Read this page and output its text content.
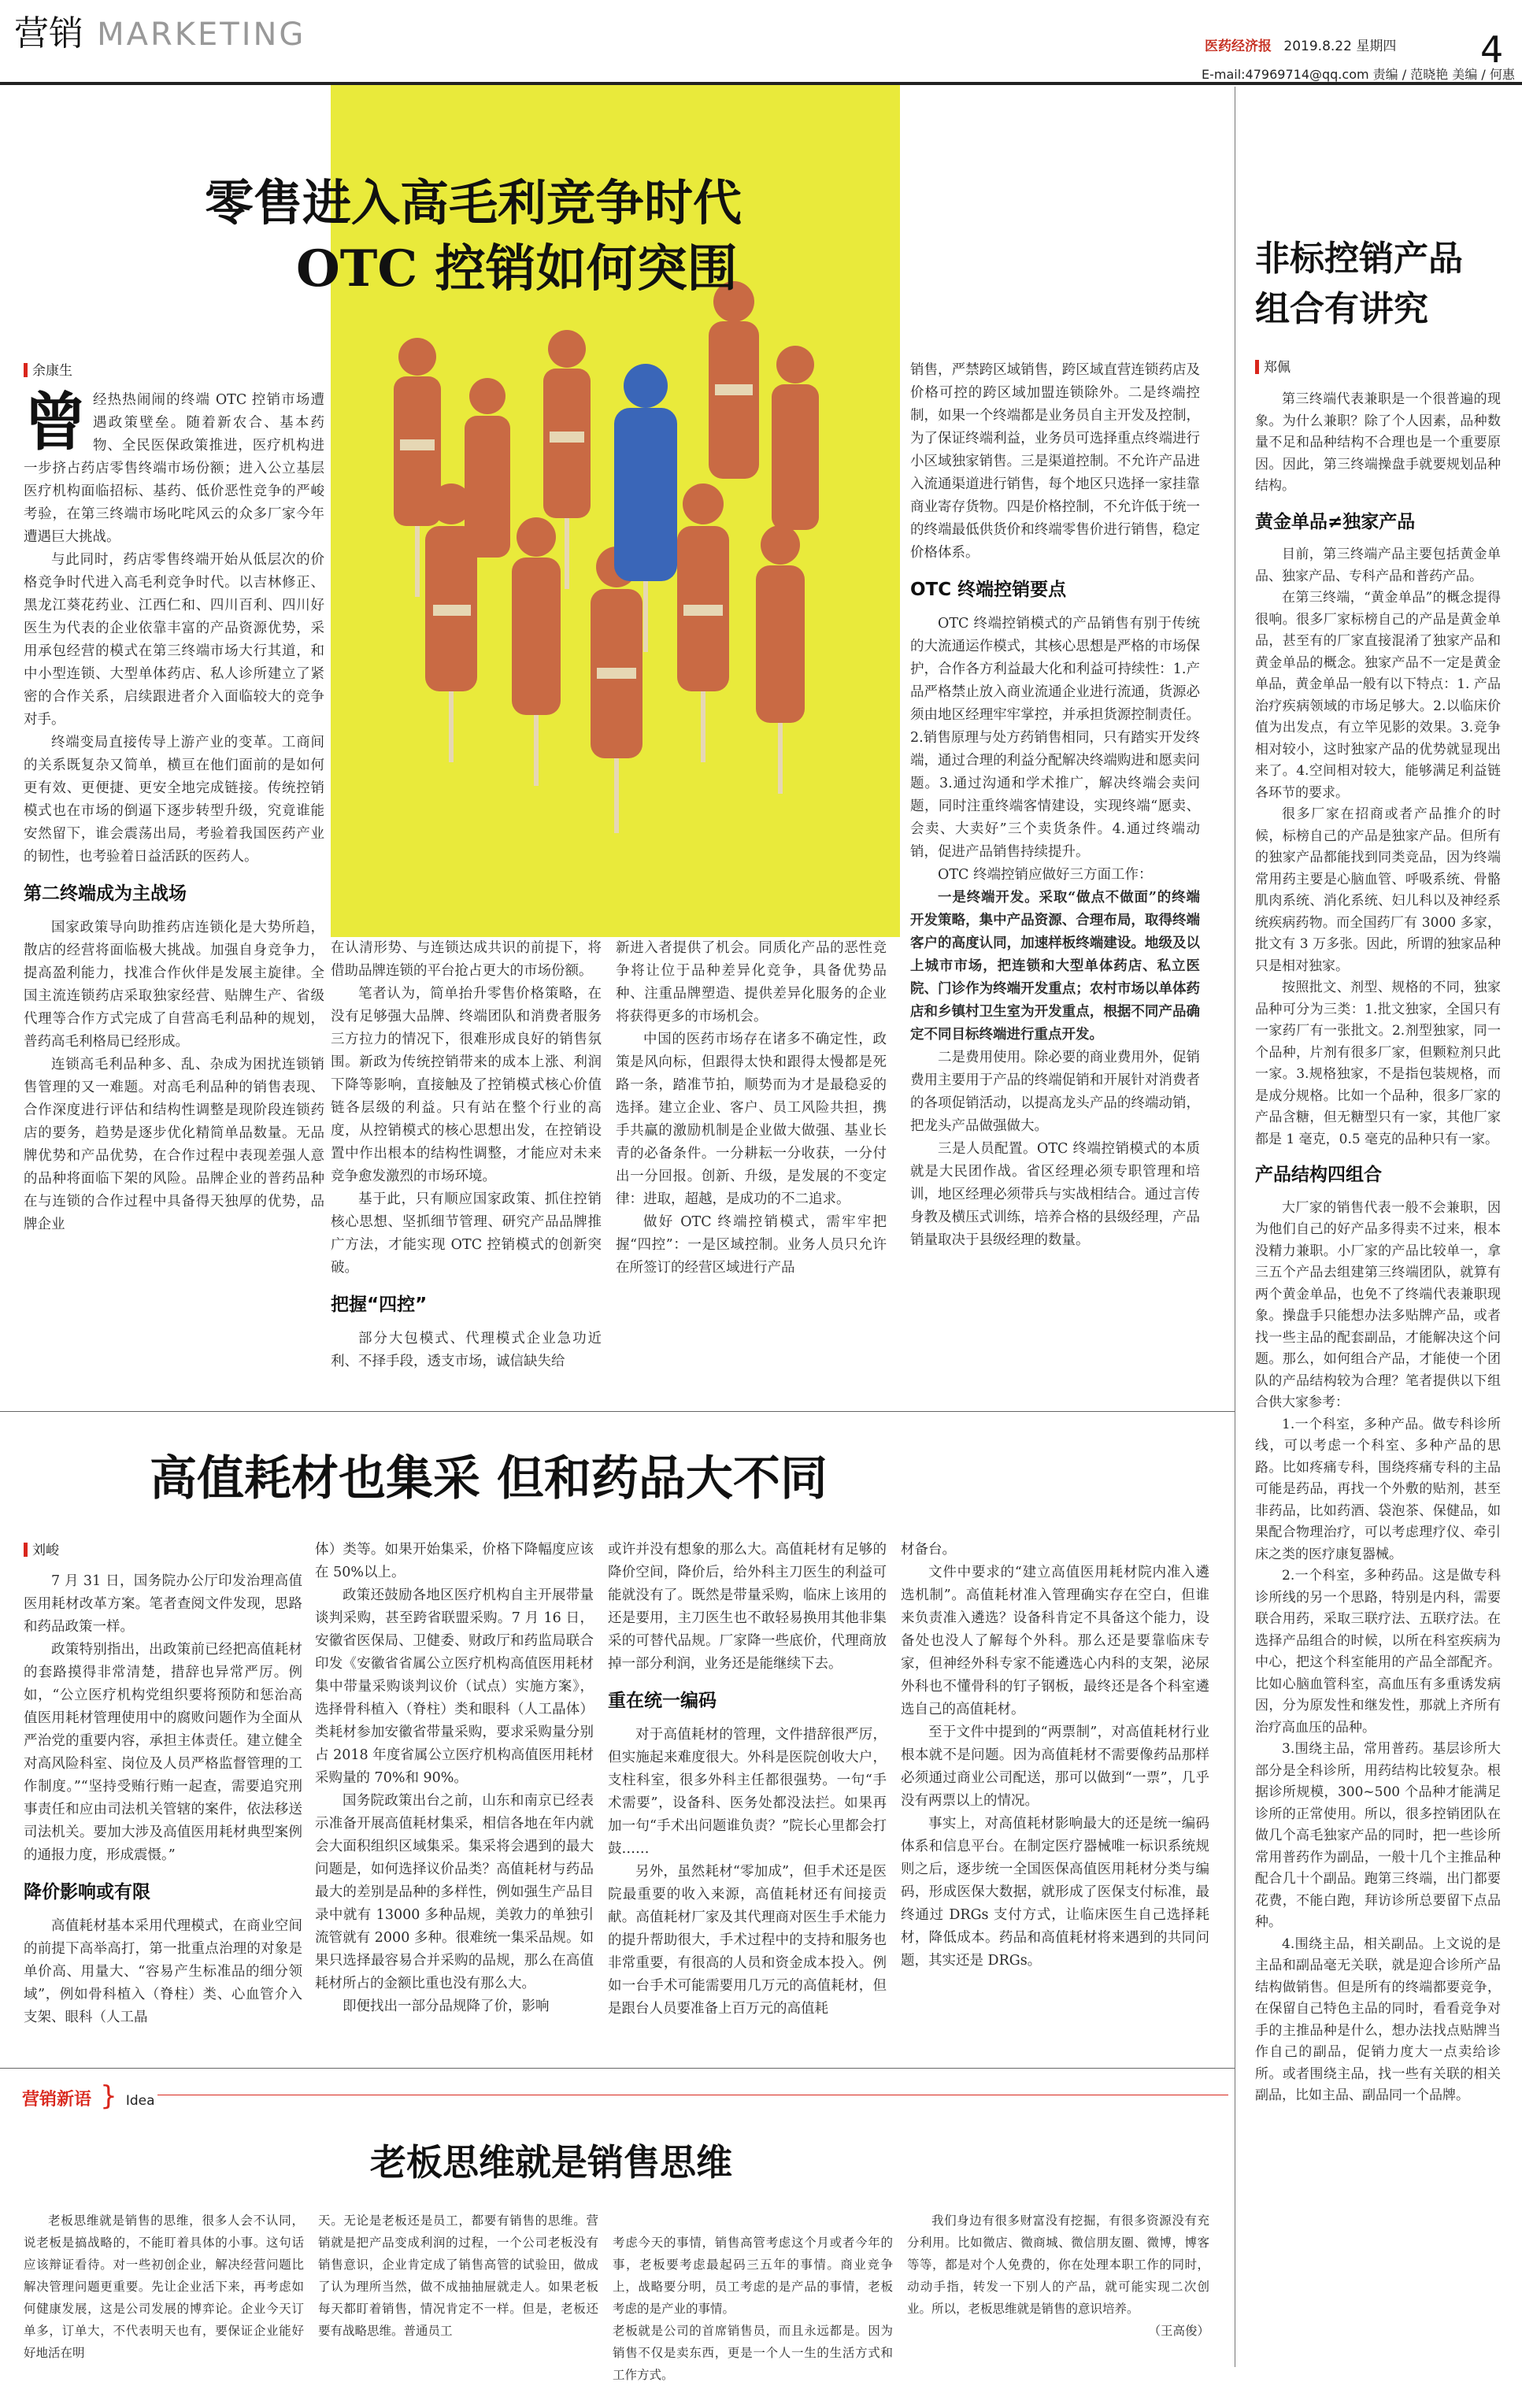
营销 MARKETING	医药经济报 2019.8.22 星期四 4
E-mail:47969714@qq.com 责编 / 范晓艳 美编 / 何惠
零售进入高毛利竞争时代
OTC 控销如何突围
余康生
曾 经热热闹闹的终端 OTC 控销市场遭遇政策壁垒。随着新农合、基本药物、全民医保政策推进，医疗机构进一步挤占药店零售终端市场份额；进入公立基层医疗机构面临招标、基药、低价恶性竞争的严峻考验，在第三终端市场叱咤风云的众多厂家今年遭遇巨大挑战。

与此同时，药店零售终端开始从低层次的价格竞争时代进入高毛利竞争时代。以吉林修正、黑龙江葵花药业、江西仁和、四川百利、四川好医生为代表的企业依靠丰富的产品资源优势，采用承包经营的模式在第三终端市场大行其道，和中小型连锁、大型单体药店、私人诊所建立了紧密的合作关系，启续跟进者介入面临较大的竞争对手。

终端变局直接传导上游产业的变革。工商间的关系既复杂又简单，横亘在他们面前的是如何更有效、更便捷、更安全地完成链接。传统控销模式也在市场的倒逼下逐步转型升级，究竟谁能安然留下，谁会震荡出局，考验着我国医药产业的韧性，也考验着日益活跃的医药人。

第二终端成为主战场

国家政策导向助推药店连锁化是大势所趋，散店的经营将面临极大挑战。加强自身竞争力，提高盈利能力，找准合作伙伴是发展主旋律。全国主流连锁药店采取独家经营、贴牌生产、省级代理等合作方式完成了自营高毛利品种的规划，普药高毛利格局已经形成。

连锁高毛利品种多、乱、杂成为困扰连锁销售管理的又一难题。对高毛利品种的销售表现、合作深度进行评估和结构性调整是现阶段连锁药店的要务，趋势是逐步优化精简单品数量。无品牌优势和产品优势，在合作过程中表现差强人意的品种将面临下架的风险。品牌企业的普药品种在与连锁的合作过程中具备得天独厚的优势，品牌企业

在认清形势、与连锁达成共识的前提下，将借助品牌连锁的平台抢占更大的市场份额。

笔者认为，简单抬升零售价格策略，在没有足够强大品牌、终端团队和消费者服务三方拉力的情况下，很难形成良好的销售氛围。新政为传统控销带来的成本上涨、利润下降等影响，直接触及了控销模式核心价值链各层级的利益。只有站在整个行业的高度，从控销模式的核心思想出发，在控销设置中作出根本的结构性调整，才能应对未来竞争愈发激烈的市场环境。

基于此，只有顺应国家政策、抓住控销核心思想、坚抓细节管理、研究产品品牌推广方法，才能实现 OTC 控销模式的创新突破。

把握“四控”

部分大包模式、代理模式企业急功近利、不择手段，透支市场，诚信缺失给

新进入者提供了机会。同质化产品的恶性竞争将让位于品种差异化竞争，具备优势品种、注重品牌塑造、提供差异化服务的企业将获得更多的市场机会。

中国的医药市场存在诸多不确定性，政策是风向标，但跟得太快和跟得太慢都是死路一条，踏准节拍，顺势而为才是最稳妥的选择。建立企业、客户、员工风险共担，携手共赢的激励机制是企业做大做强、基业长青的必备条件。一分耕耘一分收获，一分付出一分回报。创新、升级，是发展的不变定律：进取，超越，是成功的不二追求。

做好 OTC 终端控销模式，需牢牢把握“四控”：一是区域控制。业务人员只允许在所签订的经营区域进行产品

销售，严禁跨区域销售，跨区域直营连锁药店及价格可控的跨区域加盟连锁除外。二是终端控制，如果一个终端都是业务员自主开发及控制，为了保证终端利益，业务员可选择重点终端进行小区域独家销售。三是渠道控制。不允许产品进入流通渠道进行销售，每个地区只选择一家挂靠商业寄存货物。四是价格控制，不允许低于统一的终端最低供货价和终端零售价进行销售，稳定价格体系。

OTC 终端控销要点

OTC 终端控销模式的产品销售有别于传统的大流通运作模式，其核心思想是严格的市场保护，合作各方利益最大化和利益可持续性：1.产品严格禁止放入商业流通企业进行流通，货源必须由地区经理牢牢掌控，并承担货源控制责任。2.销售原理与处方药销售相同，只有踏实开发终端，通过合理的利益分配解决终端购进和愿卖问题。3.通过沟通和学术推广，解决终端会卖问题，同时注重终端客情建设，实现终端“愿卖、会卖、大卖好”三个卖货条件。4.通过终端动销，促进产品销售持续提升。

OTC 终端控销应做好三方面工作：

一是终端开发。采取“做点不做面”的终端开发策略，集中产品资源、合理布局，取得终端客户的高度认同，加速样板终端建设。地级及以上城市市场，把连锁和大型单体药店、私立医院、门诊作为终端开发重点；农村市场以单体药店和乡镇村卫生室为开发重点，根据不同产品确定不同目标终端进行重点开发。

二是费用使用。除必要的商业费用外，促销费用主要用于产品的终端促销和开展针对消费者的各项促销活动，以提高龙头产品的终端动销，把龙头产品做强做大。

三是人员配置。OTC 终端控销模式的本质就是大民团作战。省区经理必须专职管理和培训，地区经理必须带兵与实战相结合。通过言传身教及横压式训练，培养合格的县级经理，产品销量取决于县级经理的数量。

非标控销产品
组合有讲究
郑佩

第三终端代表兼职是一个很普遍的现象。为什么兼职？除了个人因素，品种数量不足和品种结构不合理也是一个重要原因。因此，第三终端操盘手就要规划品种结构。

黄金单品≠独家产品

目前，第三终端产品主要包括黄金单品、独家产品、专科产品和普药产品。

在第三终端，“黄金单品”的概念提得很响。很多厂家标榜自己的产品是黄金单品，甚至有的厂家直接混淆了独家产品和黄金单品的概念。独家产品不一定是黄金单品，黄金单品一般有以下特点：1. 产品治疗疾病领域的市场足够大。2.以临床价值为出发点，有立竿见影的效果。3.竞争相对较小，这时独家产品的优势就显现出来了。4.空间相对较大，能够满足利益链各环节的要求。

很多厂家在招商或者产品推介的时候，标榜自己的产品是独家产品。但所有的独家产品都能找到同类竞品，因为终端常用药主要是心脑血管、呼吸系统、骨骼肌肉系统、消化系统、妇儿科以及神经系统疾病药物。而全国药厂有 3000 多家，批文有 3 万多张。因此，所谓的独家品种只是相对独家。

按照批文、剂型、规格的不同，独家品种可分为三类：1.批文独家，全国只有一家药厂有一张批文。2.剂型独家，同一个品种，片剂有很多厂家，但颗粒剂只此一家。3.规格独家，不是指包装规格，而是成分规格。比如一个品种，很多厂家的产品含糖，但无糖型只有一家，其他厂家都是 1 毫克，0.5 毫克的品种只有一家。

产品结构四组合

大厂家的销售代表一般不会兼职，因为他们自己的好产品多得卖不过来，根本没精力兼职。小厂家的产品比较单一，拿三五个产品去组建第三终端团队，就算有两个黄金单品，也免不了终端代表兼职现象。操盘手只能想办法多贴牌产品，或者找一些主品的配套副品，才能解决这个问题。那么，如何组合产品，才能使一个团队的产品结构较为合理？笔者提供以下组合供大家参考：

1.一个科室，多种产品。做专科诊所线，可以考虑一个科室、多种产品的思路。比如疼痛专科，围绕疼痛专科的主品可能是药品，再找一个外敷的贴剂，甚至非药品，比如药酒、袋泡茶、保健品，如果配合物理治疗，可以考虑理疗仪、牵引床之类的医疗康复器械。

2.一个科室，多种药品。这是做专科诊所线的另一个思路，特别是内科，需要联合用药，采取三联疗法、五联疗法。在选择产品组合的时候，以所在科室疾病为中心，把这个科室能用的产品全部配齐。比如心脑血管科室，高血压有多重诱发病因，分为原发性和继发性，那就上齐所有治疗高血压的品种。

3.围绕主品，常用普药。基层诊所大部分是全科诊所，用药结构比较复杂。根据诊所规模，300~500 个品种才能满足诊所的正常使用。所以，很多控销团队在做几个高毛独家产品的同时，把一些诊所常用普药作为副品，一般十几个主推品种配合几十个副品。跑第三终端，出门都要花费，不能白跑，拜访诊所总要留下点品种。

4.围绕主品，相关副品。上文说的是主品和副品毫无关联，就是迎合诊所产品结构做销售。但是所有的终端都要竞争，在保留自己特色主品的同时，看看竞争对手的主推品种是什么，想办法找点贴牌当作自己的副品，促销力度大一点卖给诊所。或者围绕主品，找一些有关联的相关副品，比如主品、副品同一个品牌。

高值耗材也集采 但和药品大不同
刘峻

7 月 31 日，国务院办公厅印发治理高值医用耗材改革方案。笔者查阅文件发现，思路和药品政策一样。

政策特别指出，出政策前已经把高值耗材的套路摸得非常清楚，措辞也异常严厉。例如，“公立医疗机构党组织要将预防和惩治高值医用耗材管理使用中的腐败问题作为全面从严治党的重要内容，承担主体责任。建立健全对高风险科室、岗位及人员严格监督管理的工作制度。”“坚持受贿行贿一起查，需要追究刑事责任和应由司法机关管辖的案件，依法移送司法机关。要加大涉及高值医用耗材典型案例的通报力度，形成震慑。”

降价影响或有限

高值耗材基本采用代理模式，在商业空间的前提下高举高打，第一批重点治理的对象是单价高、用量大、“容易产生标准品的细分领域”，例如骨科植入（脊柱）类、心血管介入支架、眼科（人工晶

体）类等。如果开始集采，价格下降幅度应该在 50%以上。

政策还鼓励各地区医疗机构自主开展带量谈判采购，甚至跨省联盟采购。7 月 16 日，安徽省医保局、卫健委、财政厅和药监局联合印发《安徽省省属公立医疗机构高值医用耗材集中带量采购谈判议价（试点）实施方案》，选择骨科植入（脊柱）类和眼科（人工晶体）类耗材参加安徽省带量采购，要求采购量分别占 2018 年度省属公立医疗机构高值医用耗材采购量的 70%和 90%。

国务院政策出台之前，山东和南京已经表示准备开展高值耗材集采，相信各地在年内就会大面积组织区域集采。集采将会遇到的最大问题是，如何选择议价品类？高值耗材与药品最大的差别是品种的多样性，例如强生产品目录中就有 13000 多种品规，美敦力的单独引流管就有 2000 多种。很难统一集采品规。如果只选择最容易合并采购的品规，那么在高值耗材所占的金额比重也没有那么大。

即便找出一部分品规降了价，影响

或许并没有想象的那么大。高值耗材有足够的降价空间，降价后，给外科主刀医生的利益可能就没有了。既然是带量采购，临床上该用的还是要用，主刀医生也不敢轻易换用其他非集采的可替代品规。厂家降一些底价，代理商放掉一部分利润，业务还是能继续下去。

重在统一编码

对于高值耗材的管理，文件措辞很严厉，但实施起来难度很大。外科是医院创收大户，支柱科室，很多外科主任都很强势。一句“手术需要”，设备科、医务处都没法拦。如果再加一句“手术出问题谁负责？”院长心里都会打鼓……

另外，虽然耗材“零加成”，但手术还是医院最重要的收入来源，高值耗材还有间接贡献。高值耗材厂家及其代理商对医生手术能力的提升帮助很大，手术过程中的支持和服务也非常重要，有很高的人员和资金成本投入。例如一台手术可能需要用几万元的高值耗材，但是跟台人员要准备上百万元的高值耗

材备台。

文件中要求的“建立高值医用耗材院内准入遴选机制”。高值耗材准入管理确实存在空白，但谁来负责准入遴选？设备科肯定不具备这个能力，设备处也没人了解每个外科。那么还是要靠临床专家，但神经外科专家不能遴选心内科的支架，泌尿外科也不懂骨科的钉子钢板，最终还是各个科室遴选自己的高值耗材。

至于文件中提到的“两票制”，对高值耗材行业根本就不是问题。因为高值耗材不需要像药品那样必须通过商业公司配送，那可以做到“一票”，几乎没有两票以上的情况。

事实上，对高值耗材影响最大的还是统一编码体系和信息平台。在制定医疗器械唯一标识系统规则之后，逐步统一全国医保高值医用耗材分类与编码，形成医保大数据，就形成了医保支付标准，最终通过 DRGs 支付方式，让临床医生自己选择耗材，降低成本。药品和高值耗材将来遇到的共同问题，其实还是 DRGs。

营销新语 } Idea
老板思维就是销售思维

老板思维就是销售的思维，很多人会不认同，说老板是搞战略的，不能盯着具体的小事。这句话应该辩证看待。对一些初创企业，解决经营问题比解决管理问题更重要。先让企业活下来，再考虑如何健康发展，这是公司发展的博弈论。企业今天订单多，订单大，不代表明天也有，要保证企业能好好地活在明

天。无论是老板还是员工，都要有销售的思维。营销就是把产品变成利润的过程，一个公司老板没有销售意识，企业肯定成了销售高管的试验田，做成了认为理所当然，做不成抽抽屉就走人。如果老板每天都盯着销售，情况肯定不一样。但是，老板还要有战略思维。普通员工

考虑今天的事情，销售高管考虑这个月或者今年的事，老板要考虑最起码三五年的事情。商业竞争上，战略要分明，员工考虑的是产品的事情，老板考虑的是产业的事情。
老板就是公司的首席销售员，而且永远都是。因为销售不仅是卖东西，更是一个人一生的生活方式和工作方式。

我们身边有很多财富没有挖掘，有很多资源没有充分利用。比如微店、微商城、微信朋友圈、微博，博客等等，都是对个人免费的，你在处理本职工作的同时，动动手指，转发一下别人的产品，就可能实现二次创业。所以，老板思维就是销售的意识培养。

（王高俊）
